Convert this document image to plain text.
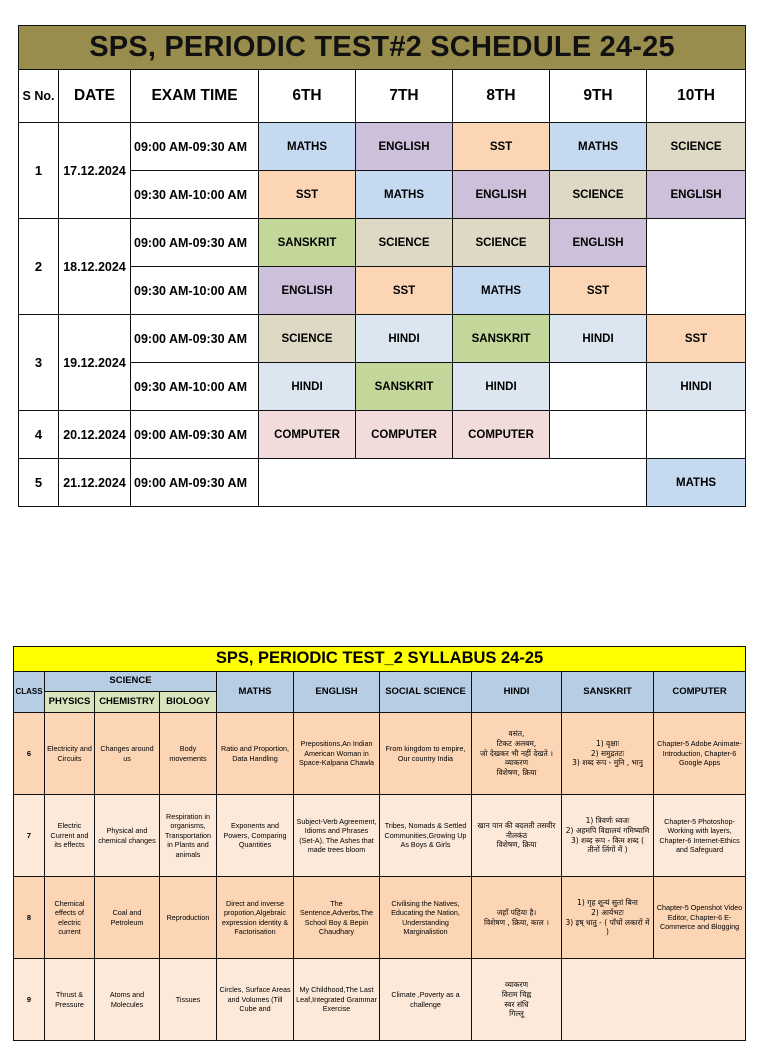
SPS, PERIODIC TEST#2 SCHEDULE 24-25							
S No.	DATE	EXAM TIME	6TH	7TH	8TH	9TH	10TH
1	17.12.2024	09:00 AM-09:30 AM	MATHS	ENGLISH	SST	MATHS	SCIENCE
		09:30 AM-10:00 AM	SST	MATHS	ENGLISH	SCIENCE	ENGLISH
2	18.12.2024	09:00 AM-09:30 AM	SANSKRIT	SCIENCE	SCIENCE	ENGLISH	
		09:30 AM-10:00 AM	ENGLISH	SST	MATHS	SST	
3	19.12.2024	09:00 AM-09:30 AM	SCIENCE	HINDI	SANSKRIT	HINDI	SST
		09:30 AM-10:00 AM	HINDI	SANSKRIT	HINDI		HINDI
4	20.12.2024	09:00 AM-09:30 AM	COMPUTER	COMPUTER	COMPUTER		
5	21.12.2024	09:00 AM-09:30 AM					MATHS
SPS, PERIODIC TEST_2 SYLLABUS 24-25									
CLASS	SCIENCE			MATHS	ENGLISH	SOCIAL SCIENCE	HINDI	SANSKRIT	COMPUTER
	PHYSICS	CHEMISTRY	BIOLOGY						
6	Electricity and Circuits	Changes around us	Body movements	Ratio and Proportion, Data Handling	Prepositions,An Indian American Woman in Space-Kalpana Chawla	From kingdom to empire, Our country India	वसंत,
टिकट अलबम,
जो देखकर भी नहीं देखते ।
व्याकरण
विशेषण, क्रिया	1) वृक्षाः
2) समुद्रतटः
3) शब्द रूप - मुनि , भानु	Chapter-5 Adobe Animate- Introduction, Chapter-6 Google Apps
7	Electric Current and its effects	Physical and chemical changes	Respiration in organisms, Transportation in Plants and animals	Exponents and Powers, Comparing Quantities	Subject-Verb Agreement, Idioms and Phrases (Set-A), The Ashes that made trees bloom	Tribes, Nomads & Settled Communities,Growing Up As Boys & Girls	खान पान की बदलती तसवीर
नीलकंठ
विशेषण, क्रिया	1) त्रिवर्णः ध्वजः
2) अहमपि विद्यालयं गमिष्यामि
3) शब्द रूप - किम शब्द ( तीनों लिंगों में )	Chapter-5 Photoshop-Working with layers, Chapter-6 Internet-Ethics and Safeguard
8	Chemical effects of electric current	Coal and Petroleum	Reproduction	Direct and inverse propotion,Algebraic expression identity & Factorisation	The Sentence,Adverbs,The School Boy & Bepin Chaudhary	Civilising the Natives, Educating the Nation, Understanding Marginalistion	जहाँ पहिया है।
विशेषण , क्रिया, काल ।	1) गृह शून्यं सुतां बिना
2) आर्यभटः
3) इष् धातु - ( पाँचों लकारों में )	Chapter-5 Openshot Video Editor, Chapter-6 E-Commerce and Blogging
9	Thrust & Pressure	Atoms and Molecules	Tissues	Circles, Surface Areas and Volumes (Till Cube and	My Childhood,The Last Leaf,Integrated Grammar Exercise	Climate ,Poverty as a challenge	व्याकरण
विराम चिह्न
स्वर संधि
गिल्लू		
